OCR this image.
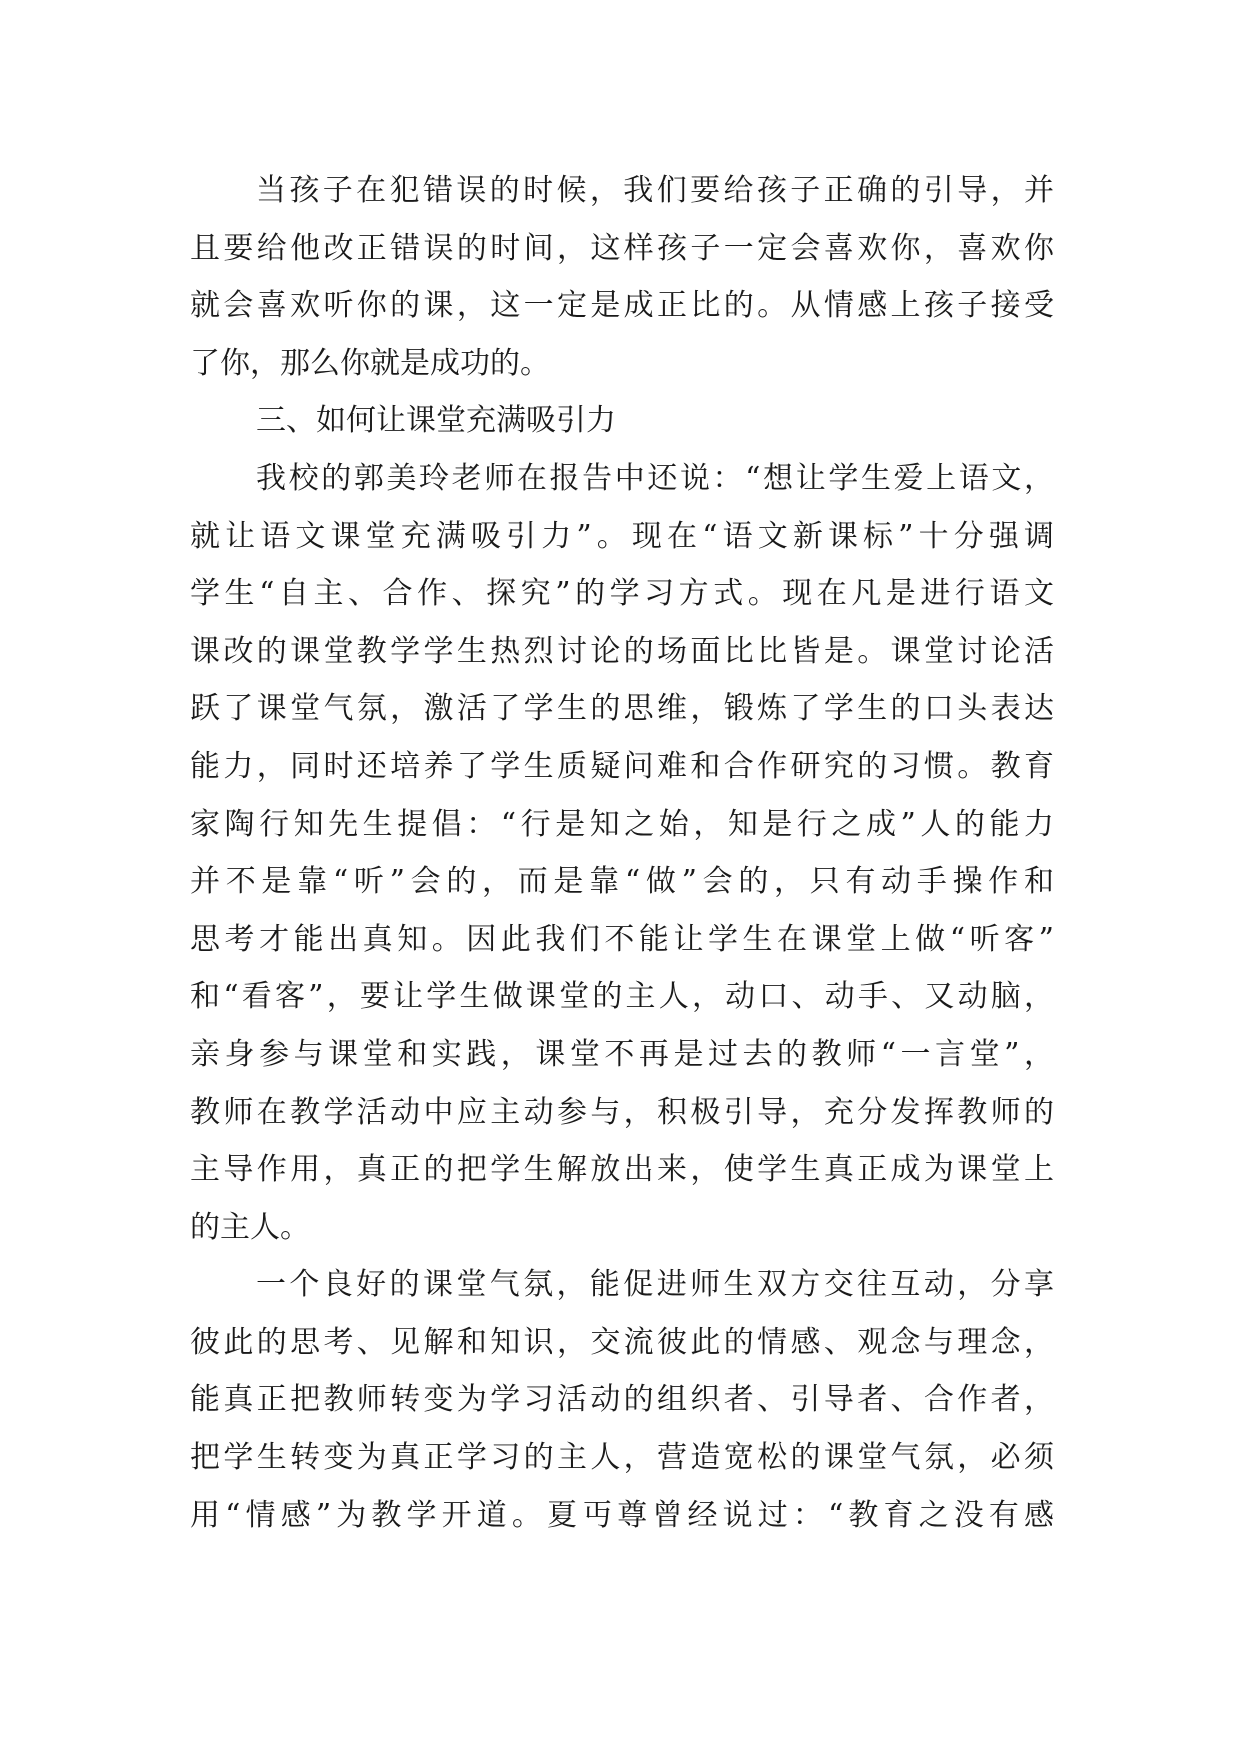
当孩子在犯错误的时候，我们要给孩子正确的引导，并
且要给他改正错误的时间，这样孩子一定会喜欢你，喜欢你
就会喜欢听你的课，这一定是成正比的。从情感上孩子接受
了你，那么你就是成功的。
三、如何让课堂充满吸引力
我校的郭美玲老师在报告中还说：“想让学生爱上语文，
就让语文课堂充满吸引力”。现在“语文新课标”十分强调
学生“自主、合作、探究”的学习方式。现在凡是进行语文
课改的课堂教学学生热烈讨论的场面比比皆是。课堂讨论活
跃了课堂气氛，激活了学生的思维，锻炼了学生的口头表达
能力，同时还培养了学生质疑问难和合作研究的习惯。教育
家陶行知先生提倡：“行是知之始，知是行之成”人的能力
并不是靠“听”会的，而是靠“做”会的，只有动手操作和
思考才能出真知。因此我们不能让学生在课堂上做“听客”
和“看客”，要让学生做课堂的主人，动口、动手、又动脑，
亲身参与课堂和实践，课堂不再是过去的教师“一言堂”，
教师在教学活动中应主动参与，积极引导，充分发挥教师的
主导作用，真正的把学生解放出来，使学生真正成为课堂上
的主人。
一个良好的课堂气氛，能促进师生双方交往互动，分享
彼此的思考、见解和知识，交流彼此的情感、观念与理念，
能真正把教师转变为学习活动的组织者、引导者、合作者，
把学生转变为真正学习的主人，营造宽松的课堂气氛，必须
用“情感”为教学开道。夏丏尊曾经说过：“教育之没有感
